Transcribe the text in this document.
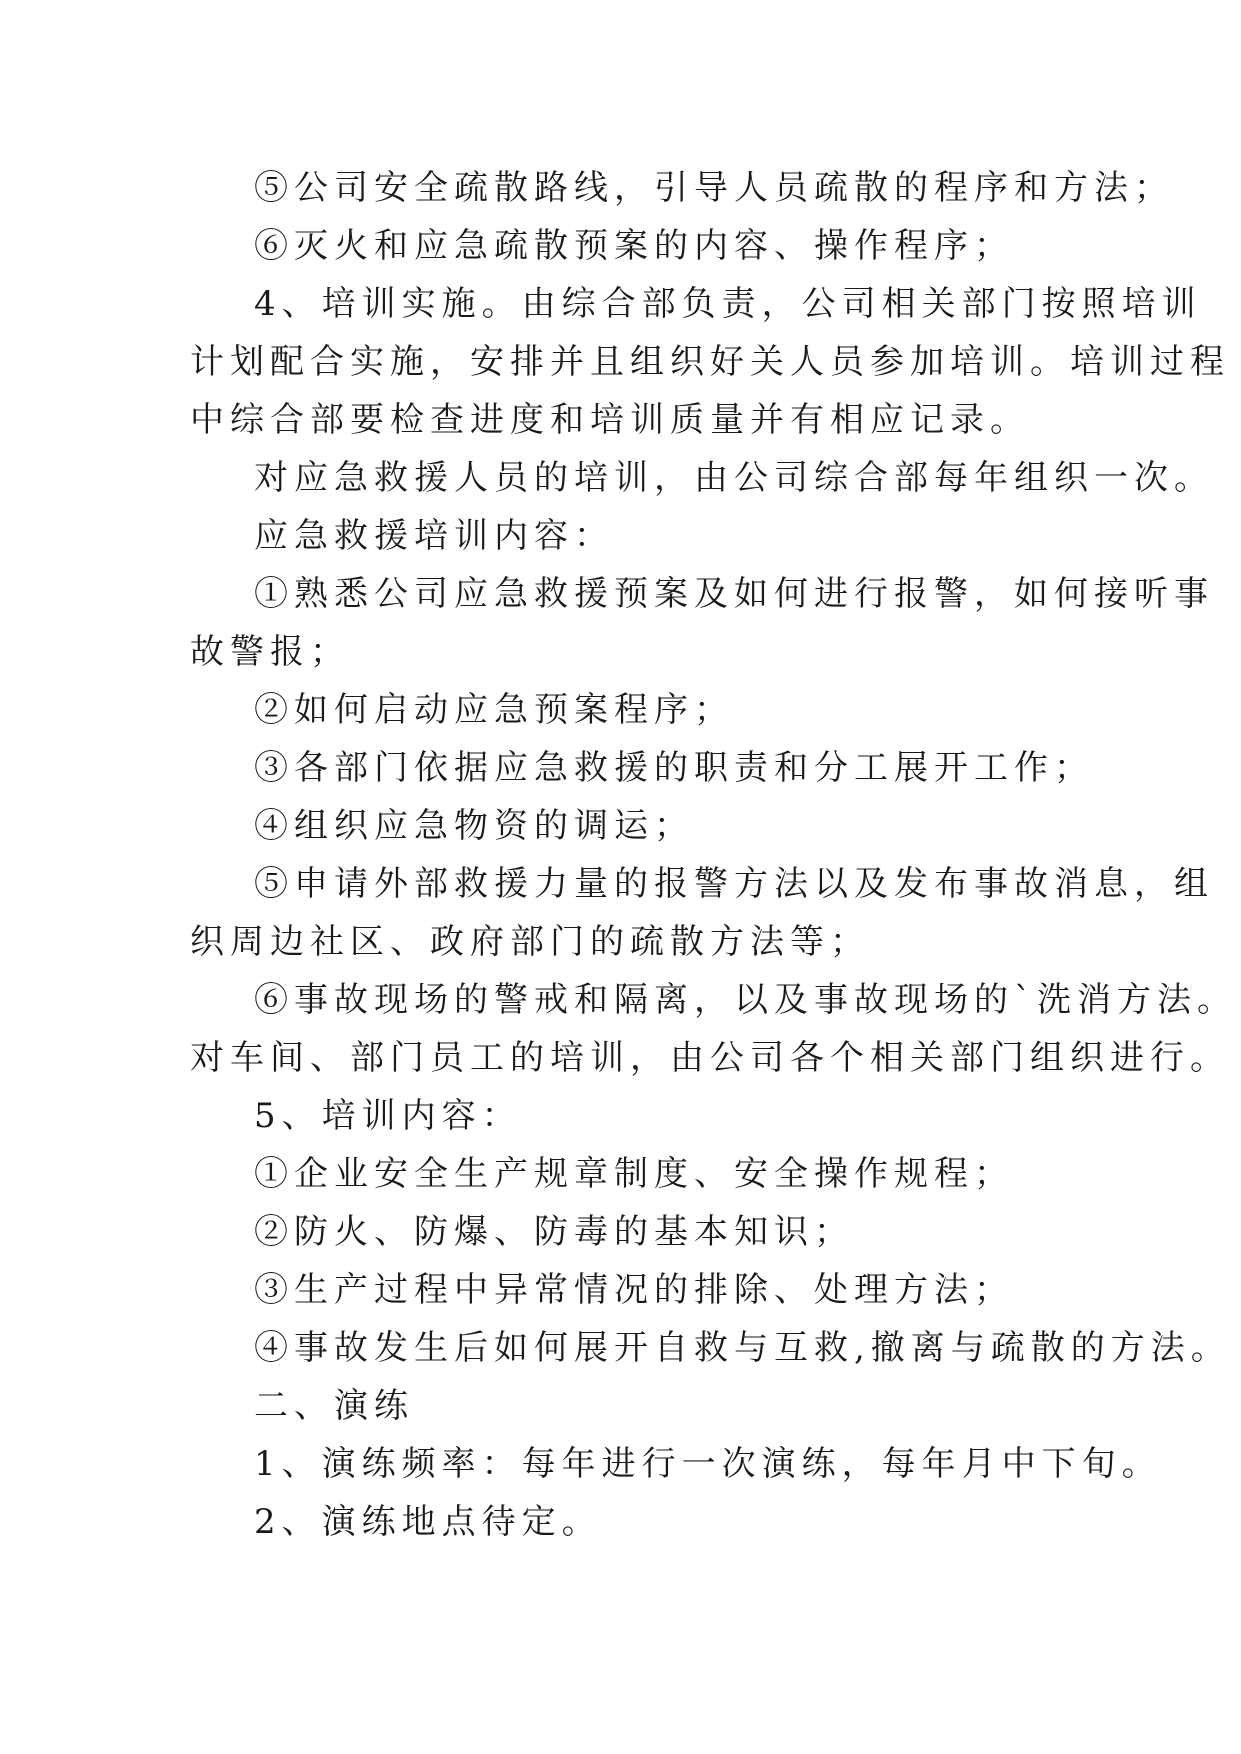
⑤公司安全疏散路线，引导人员疏散的程序和方法；
⑥灭火和应急疏散预案的内容、操作程序；
4、培训实施。由综合部负责，公司相关部门按照培训
计划配合实施，安排并且组织好关人员参加培训。培训过程
中综合部要检查进度和培训质量并有相应记录。
对应急救援人员的培训，由公司综合部每年组织一次。
应急救援培训内容：
①熟悉公司应急救援预案及如何进行报警，如何接听事
故警报；
②如何启动应急预案程序；
③各部门依据应急救援的职责和分工展开工作；
④组织应急物资的调运；
⑤申请外部救援力量的报警方法以及发布事故消息，组
织周边社区、政府部门的疏散方法等；
⑥事故现场的警戒和隔离，以及事故现场的`洗消方法。
对车间、部门员工的培训，由公司各个相关部门组织进行。
5、培训内容：
①企业安全生产规章制度、安全操作规程；
②防火、防爆、防毒的基本知识；
③生产过程中异常情况的排除、处理方法；
④事故发生后如何展开自救与互救,撤离与疏散的方法。
二、演练
1、演练频率：每年进行一次演练，每年月中下旬。
2、演练地点待定。
